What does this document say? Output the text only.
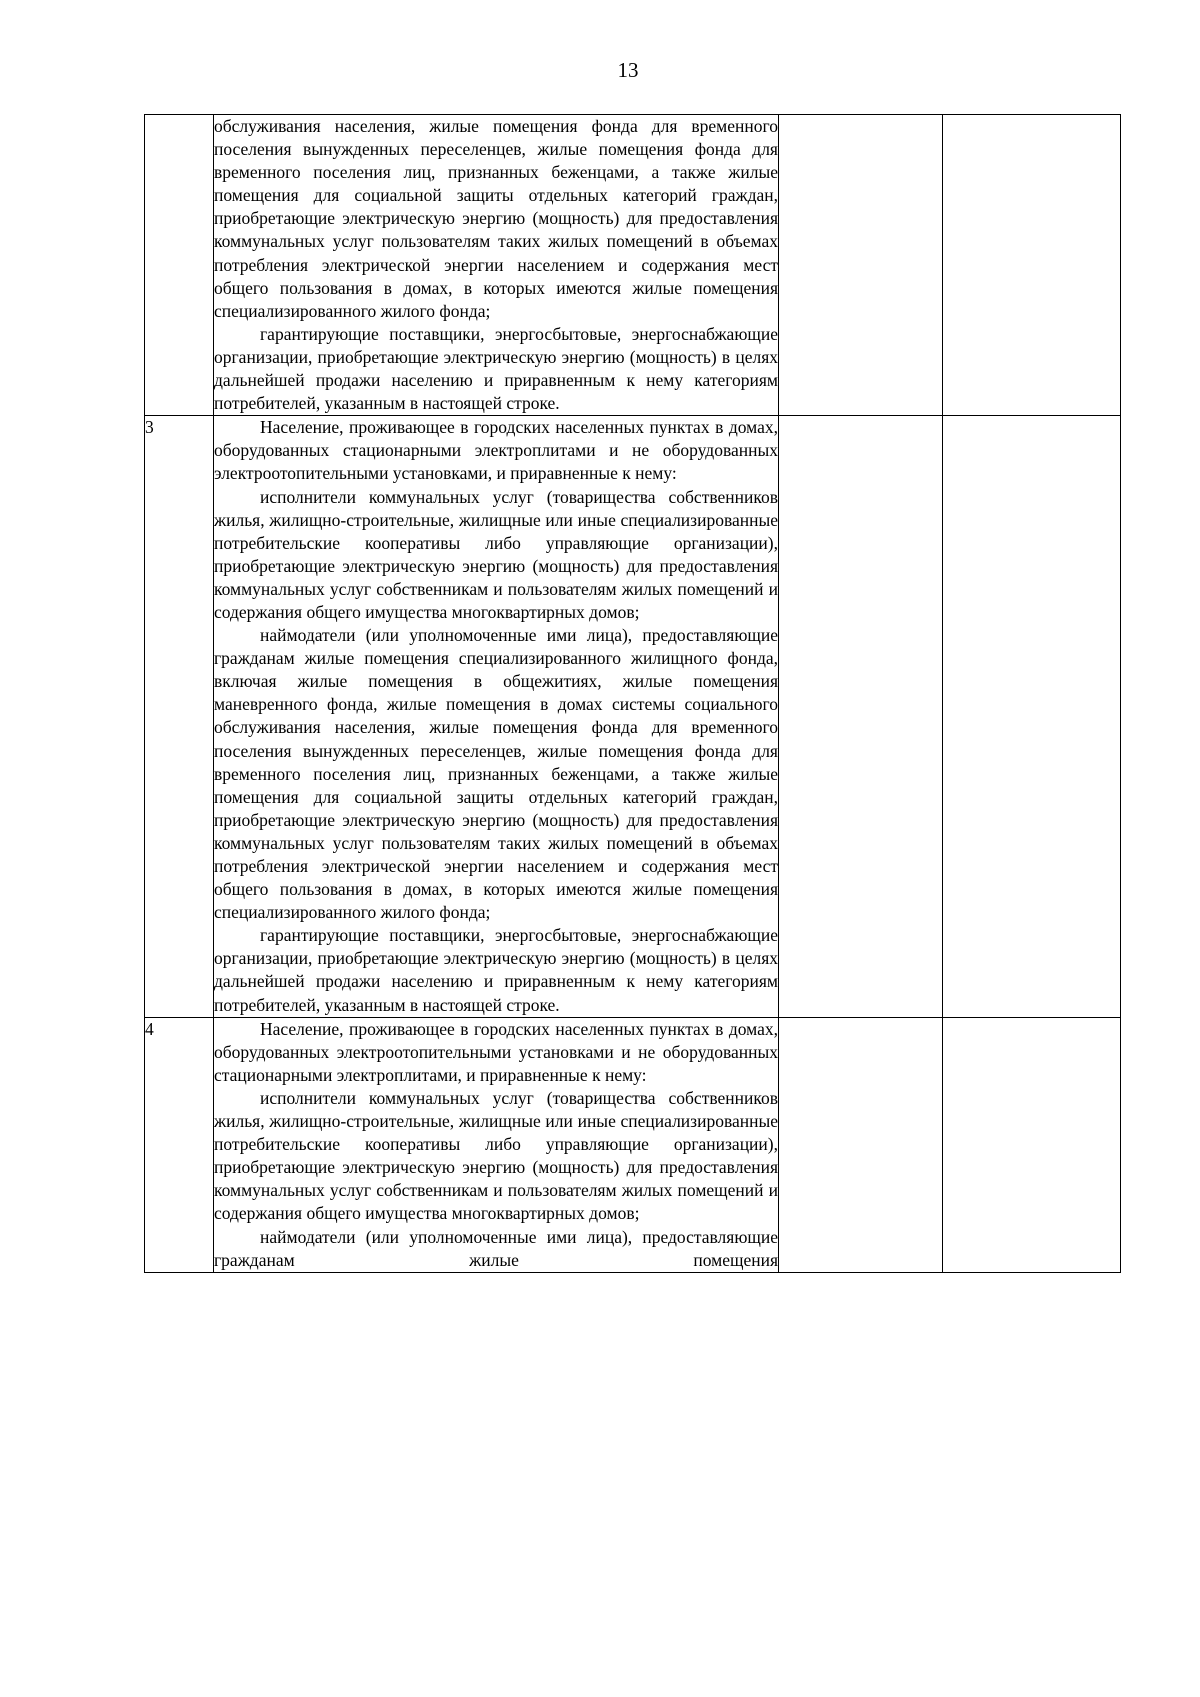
13

	обслуживания населения, жилые помещения фонда для временного поселения вынужденных переселенцев, жилые помещения фонда для временного поселения лиц, признанных беженцами, а также жилые помещения для социальной защиты отдельных категорий граждан, приобретающие электрическую энергию (мощность) для предоставления коммунальных услуг пользователям таких жилых помещений в объемах потребления электрической энергии населением и содержания мест общего пользования в домах, в которых имеются жилые помещения специализированного жилого фонда;

гарантирующие поставщики, энергосбытовые, энергоснабжающие организации, приобретающие электрическую энергию (мощность) в целях дальнейшей продажи населению и приравненным к нему категориям потребителей, указанным в настоящей строке.		

3	Население, проживающее в городских населенных пунктах в домах, оборудованных стационарными электроплитами и не оборудованных электроотопительными установками, и приравненные к нему:

исполнители коммунальных услуг (товарищества собственников жилья, жилищно-строительные, жилищные или иные специализированные потребительские кооперативы либо управляющие организации), приобретающие электрическую энергию (мощность) для предоставления коммунальных услуг собственникам и пользователям жилых помещений и содержания общего имущества многоквартирных домов;

наймодатели (или уполномоченные ими лица), предоставляющие гражданам жилые помещения специализированного жилищного фонда, включая жилые помещения в общежитиях, жилые помещения маневренного фонда, жилые помещения в домах системы социального обслуживания населения, жилые помещения фонда для временного поселения вынужденных переселенцев, жилые помещения фонда для временного поселения лиц, признанных беженцами, а также жилые помещения для социальной защиты отдельных категорий граждан, приобретающие электрическую энергию (мощность) для предоставления коммунальных услуг пользователям таких жилых помещений в объемах потребления электрической энергии населением и содержания мест общего пользования в домах, в которых имеются жилые помещения специализированного жилого фонда;

гарантирующие поставщики, энергосбытовые, энергоснабжающие организации, приобретающие электрическую энергию (мощность) в целях дальнейшей продажи населению и приравненным к нему категориям потребителей, указанным в настоящей строке.		

4	Население, проживающее в городских населенных пунктах в домах, оборудованных электроотопительными установками и не оборудованных стационарными электроплитами, и приравненные к нему:

исполнители коммунальных услуг (товарищества собственников жилья, жилищно-строительные, жилищные или иные специализированные потребительские кооперативы либо управляющие организации), приобретающие электрическую энергию (мощность) для предоставления коммунальных услуг собственникам и пользователям жилых помещений и содержания общего имущества многоквартирных домов;

наймодатели (или уполномоченные ими лица), предоставляющие гражданам жилые помещения		
